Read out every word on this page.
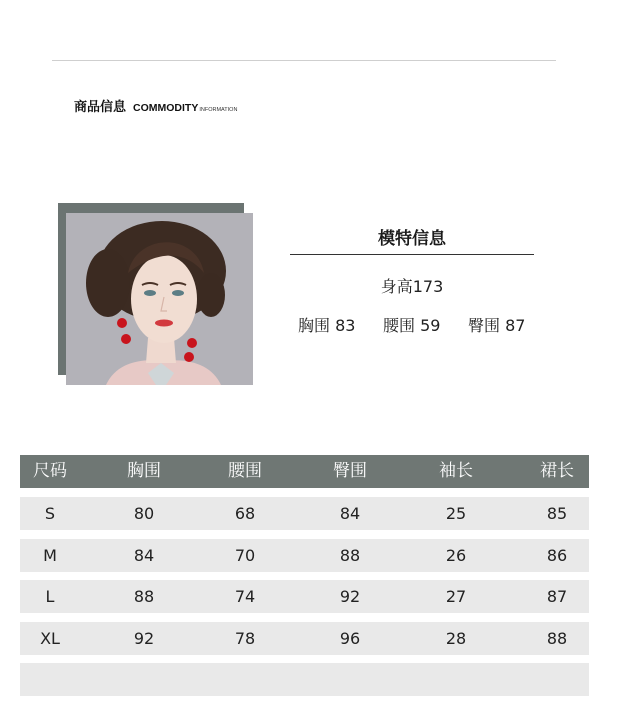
商品信息 COMMODITY INFORMATION
模特信息
身高173
胸围 83 腰围 59 臀围 87
尺码	胸围	腰围	臀围	袖长	裙长
S	80	68	84	25	85
M	84	70	88	26	86
L	88	74	92	27	87
XL	92	78	96	28	88
